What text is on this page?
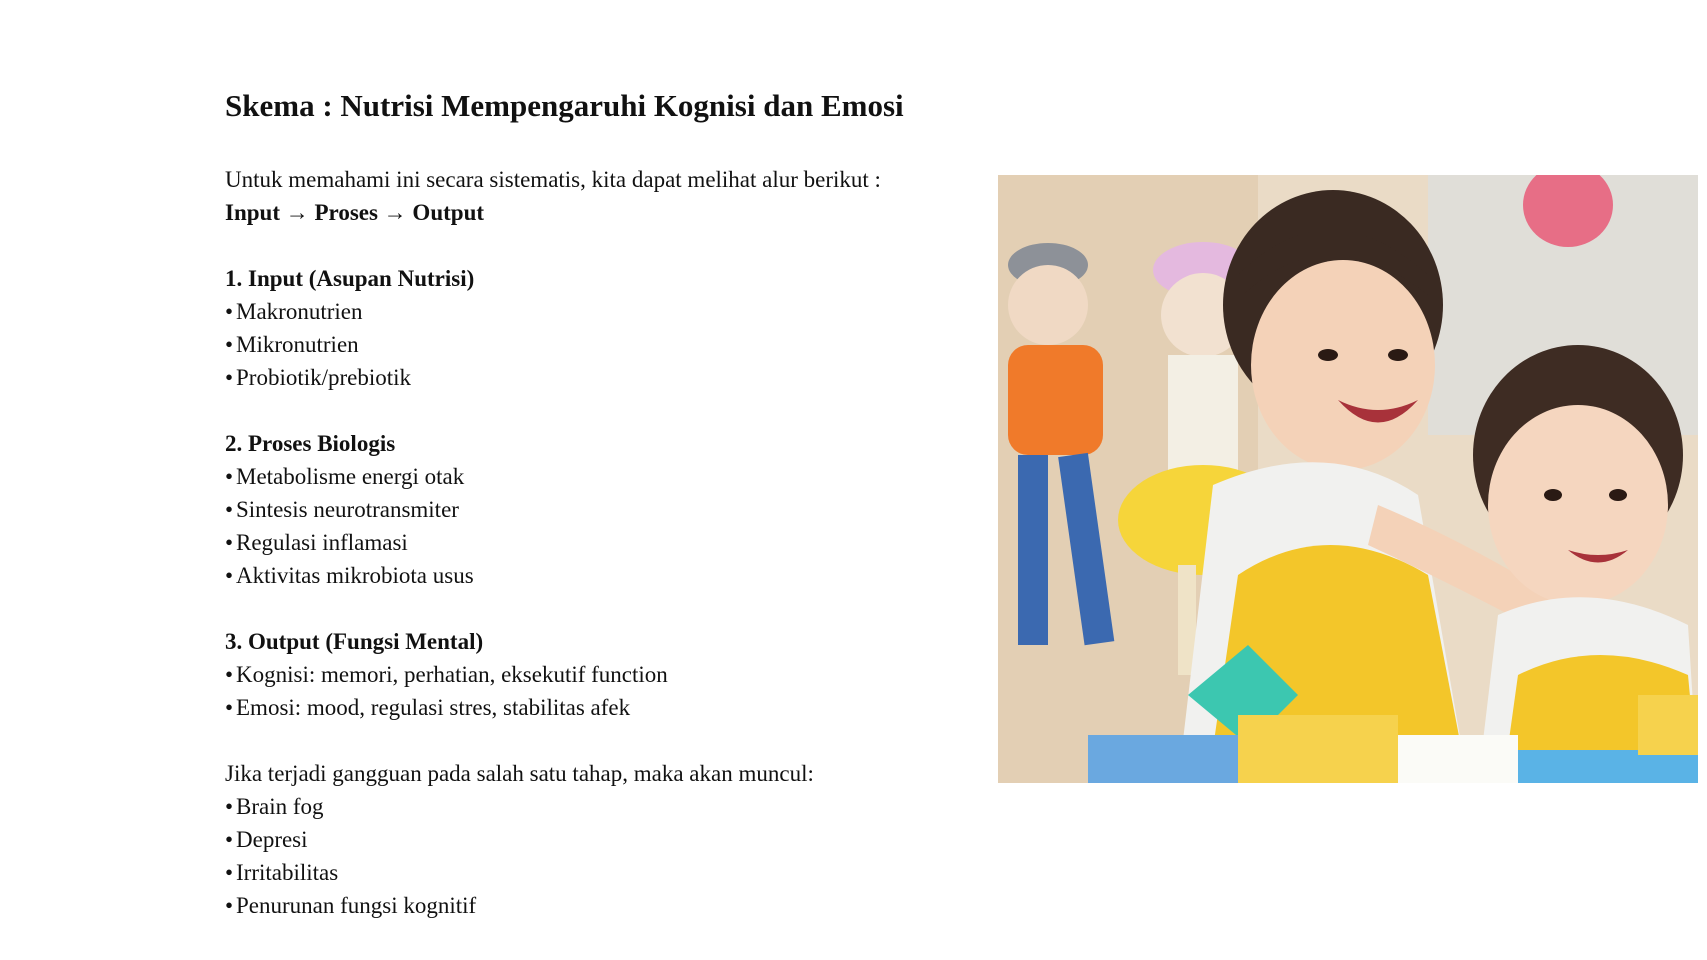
Skema : Nutrisi Mempengaruhi Kognisi dan Emosi
Untuk memahami ini secara sistematis, kita dapat melihat alur berikut :
Input → Proses → Output
1. Input (Asupan Nutrisi)
• Makronutrien
• Mikronutrien
• Probiotik/prebiotik
2. Proses Biologis
• Metabolisme energi otak
• Sintesis neurotransmiter
• Regulasi inflamasi
• Aktivitas mikrobiota usus
3. Output (Fungsi Mental)
• Kognisi: memori, perhatian, eksekutif function
• Emosi: mood, regulasi stres, stabilitas afek
Jika terjadi gangguan pada salah satu tahap, maka akan muncul:
• Brain fog
• Depresi
• Irritabilitas
• Penurunan fungsi kognitif
